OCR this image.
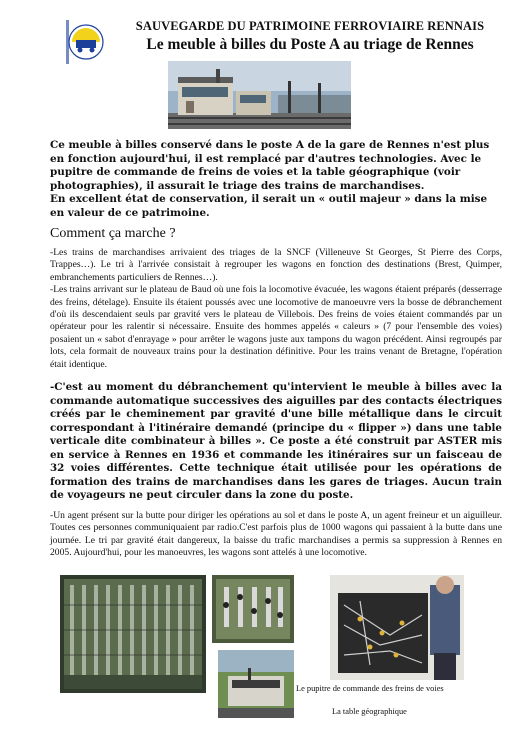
SAUVEGARDE DU PATRIMOINE FERROVIAIRE RENNAIS
Le meuble à billes du Poste A au triage de Rennes

Ce meuble à billes conservé dans le poste A de la gare de Rennes n'est plus en fonction aujourd'hui, il est remplacé par d'autres technologies. Avec le pupitre de commande de freins de voies et la table géographique (voir photographies), il assurait le triage des trains de marchandises.

En excellent état de conservation, il serait un « outil majeur » dans la mise en valeur de ce patrimoine.

Comment ça marche ?

-Les trains de marchandises arrivaient des triages de la SNCF (Villeneuve St Georges, St Pierre des Corps, Trappes…). Le tri à l'arrivée consistait à regrouper les wagons en fonction des destinations (Brest, Quimper, embranchements particuliers de Rennes…).

-Les trains arrivant sur le plateau de Baud où une fois la locomotive évacuée, les wagons étaient préparés (desserrage des freins, dételage). Ensuite ils étaient poussés avec une locomotive de manoeuvre vers la bosse de débranchement d'où ils descendaient seuls par gravité vers le plateau de Villebois. Des freins de voies étaient commandés par un opérateur pour les ralentir si nécessaire. Ensuite des hommes appelés « caleurs » (7 pour l'ensemble des voies) posaient un « sabot d'enrayage » pour arrêter le wagons juste aux tampons du wagon précédent. Ainsi regroupés par lots, cela formait de nouveaux trains pour la destination définitive. Pour les trains venant de Bretagne, l'opération était identique.

-C'est au moment du débranchement qu'intervient le meuble à billes avec la commande automatique successives des aiguilles par des contacts électriques créés par le cheminement par gravité d'une bille métallique dans le circuit correspondant à l'itinéraire demandé (principe du « flipper ») dans une table verticale dite combinateur à billes ». Ce poste a été construit par ASTER mis en service à Rennes en 1936 et commande les itinéraires sur un faisceau de 32 voies différentes. Cette technique était utilisée pour les opérations de formation des trains de marchandises dans les gares de triages. Aucun train de voyageurs ne peut circuler dans la zone du poste.
-Un agent présent sur la butte pour diriger les opérations au sol et dans le poste A, un agent freineur et un aiguilleur. Toutes ces personnes communiquaient par radio.C'est parfois plus de 1000 wagons qui passaient à la butte dans une journée. Le tri par gravité était dangereux, la baisse du trafic marchandises a permis sa suppression à Rennes en 2005. Aujourd'hui, pour les manoeuvres, les wagons sont attelés à une locomotive.
Le pupitre de commande des freins de voies
La table géographique
